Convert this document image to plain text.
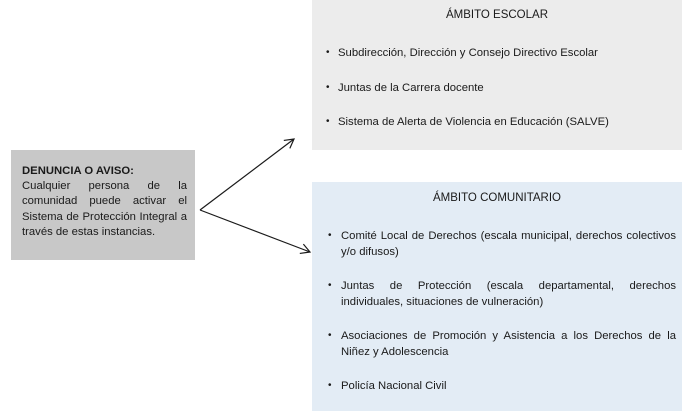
DENUNCIA O AVISO:
Cualquier persona de la comunidad puede activar el Sistema de Protección Integral a través de estas instancias.
ÁMBITO ESCOLAR
• Subdirección, Dirección y Consejo Directivo Escolar
• Juntas de la Carrera docente
• Sistema de Alerta de Violencia en Educación (SALVE)
ÁMBITO COMUNITARIO
• Comité Local de Derechos (escala municipal, derechos colectivos y/o difusos)
• Juntas de Protección (escala departamental, derechos individuales, situaciones de vulneración)
• Asociaciones de Promoción y Asistencia a los Derechos de la Niñez y Adolescencia
• Policía Nacional Civil
